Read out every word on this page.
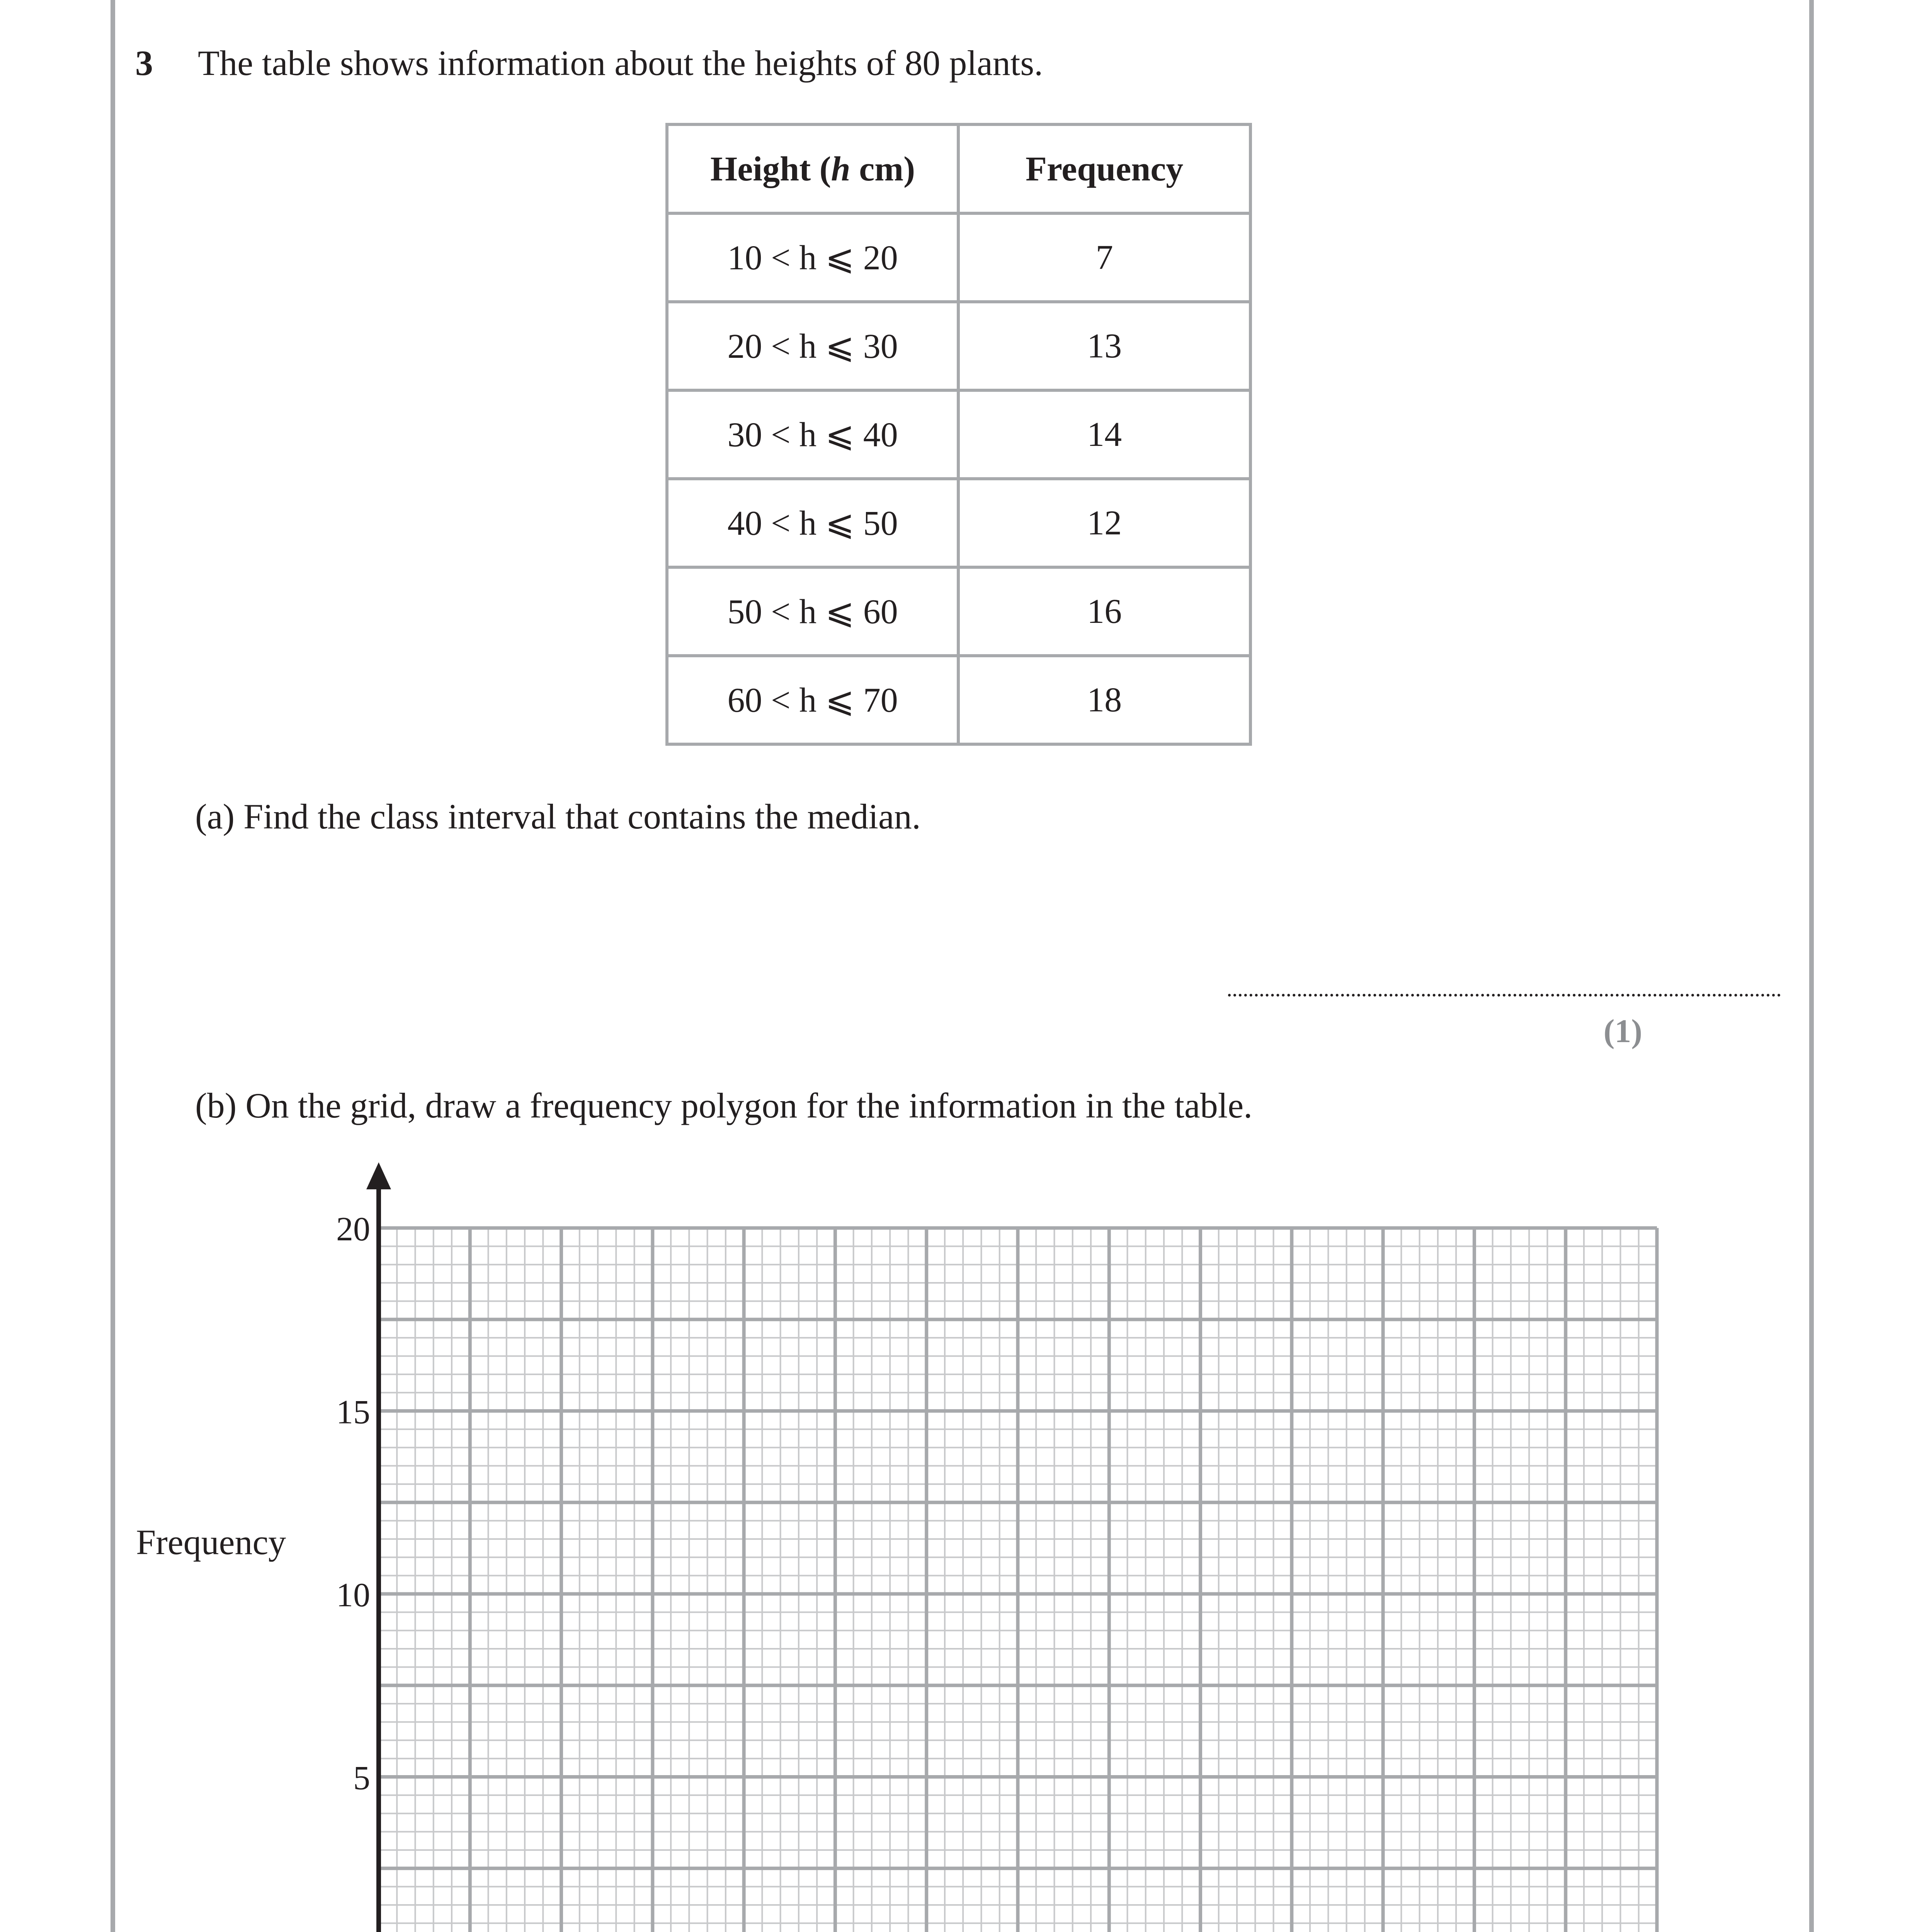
3 The table shows information about the heights of 80 plants.
Height (h cm)	Frequency
10 < h ⩽ 20	7
20 < h ⩽ 30	13
30 < h ⩽ 40	14
40 < h ⩽ 50	12
50 < h ⩽ 60	16
60 < h ⩽ 70	18
(a) Find the class interval that contains the median.
(1)
(b) On the grid, draw a frequency polygon for the information in the table.
5
10
15
20
Frequency
